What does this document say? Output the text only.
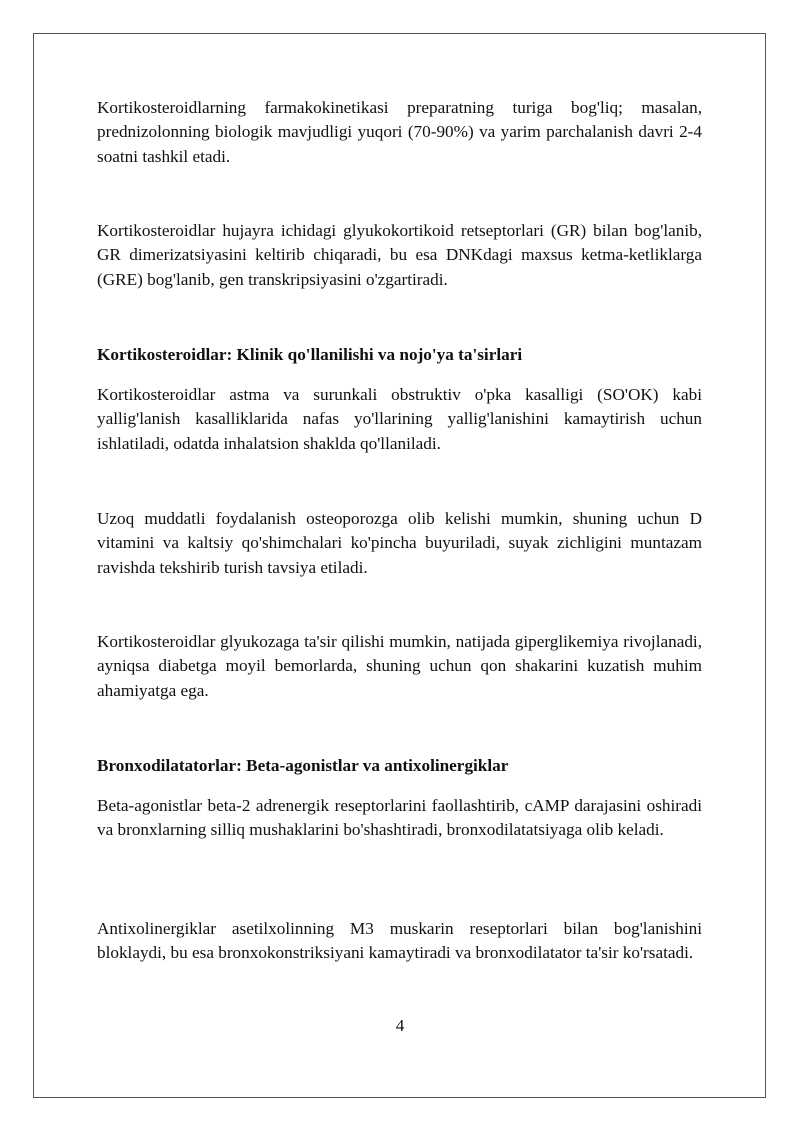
Kortikosteroidlarning farmakokinetikasi preparatning turiga bog'liq; masalan, prednizolonning biologik mavjudligi yuqori (70-90%) va yarim parchalanish davri 2-4 soatni tashkil etadi.

Kortikosteroidlar hujayra ichidagi glyukokortikoid retseptorlari (GR) bilan bog'lanib, GR dimerizatsiyasini keltirib chiqaradi, bu esa DNKdagi maxsus ketma-ketliklarga (GRE) bog'lanib, gen transkripsiyasini o'zgartiradi.

Kortikosteroidlar: Klinik qo'llanilishi va nojo'ya ta'sirlari

Kortikosteroidlar astma va surunkali obstruktiv o'pka kasalligi (SO'OK) kabi yallig'lanish kasalliklarida nafas yo'llarining yallig'lanishini kamaytirish uchun ishlatiladi, odatda inhalatsion shaklda qo'llaniladi.

Uzoq muddatli foydalanish osteoporozga olib kelishi mumkin, shuning uchun D vitamini va kaltsiy qo'shimchalari ko'pincha buyuriladi, suyak zichligini muntazam ravishda tekshirib turish tavsiya etiladi.

Kortikosteroidlar glyukozaga ta'sir qilishi mumkin, natijada giperglikemiya rivojlanadi, ayniqsa diabetga moyil bemorlarda, shuning uchun qon shakarini kuzatish muhim ahamiyatga ega.

Bronxodilatatorlar: Beta-agonistlar va antixolinergiklar

Beta-agonistlar beta-2 adrenergik reseptorlarini faollashtirib, cAMP darajasini oshiradi va bronxlarning silliq mushaklarini bo'shashtiradi, bronxodilatatsiyaga olib keladi.

Antixolinergiklar asetilxolinning M3 muskarin reseptorlari bilan bog'lanishini bloklaydi, bu esa bronxokonstriksiyani kamaytiradi va bronxodilatator ta'sir ko'rsatadi.

4
